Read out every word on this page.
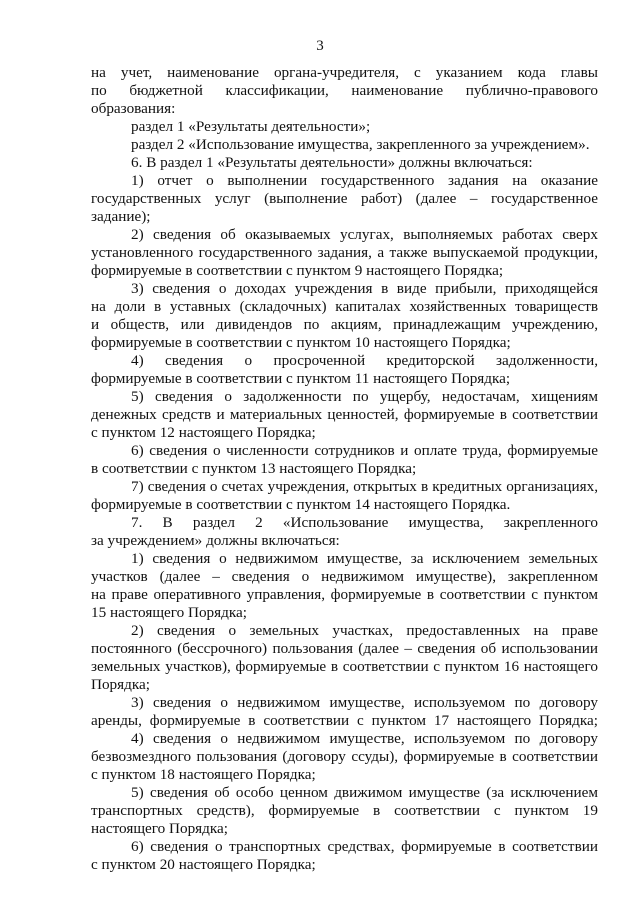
3
на учет, наименование органа-учредителя, с указанием кода главы
по бюджетной классификации, наименование публично-правового
образования:
раздел 1 «Результаты деятельности»;
раздел 2 «Использование имущества, закрепленного за учреждением».
6. В раздел 1 «Результаты деятельности» должны включаться:
1) отчет о выполнении государственного задания на оказание
государственных услуг (выполнение работ) (далее – государственное
задание);
2) сведения об оказываемых услугах, выполняемых работах сверх
установленного государственного задания, а также выпускаемой продукции,
формируемые в соответствии с пунктом 9 настоящего Порядка;
3) сведения о доходах учреждения в виде прибыли, приходящейся
на доли в уставных (складочных) капиталах хозяйственных товариществ
и обществ, или дивидендов по акциям, принадлежащим учреждению,
формируемые в соответствии с пунктом 10 настоящего Порядка;
4) сведения о просроченной кредиторской задолженности,
формируемые в соответствии с пунктом 11 настоящего Порядка;
5) сведения о задолженности по ущербу, недостачам, хищениям
денежных средств и материальных ценностей, формируемые в соответствии
с пунктом 12 настоящего Порядка;
6) сведения о численности сотрудников и оплате труда, формируемые
в соответствии с пунктом 13 настоящего Порядка;
7) сведения о счетах учреждения, открытых в кредитных организациях,
формируемые в соответствии с пунктом 14 настоящего Порядка.
7. В раздел 2 «Использование имущества, закрепленного
за учреждением» должны включаться:
1) сведения о недвижимом имуществе, за исключением земельных
участков (далее – сведения о недвижимом имуществе), закрепленном
на праве оперативного управления, формируемые в соответствии с пунктом
15 настоящего Порядка;
2) сведения о земельных участках, предоставленных на праве
постоянного (бессрочного) пользования (далее – сведения об использовании
земельных участков), формируемые в соответствии с пунктом 16 настоящего
Порядка;
3) сведения о недвижимом имуществе, используемом по договору
аренды, формируемые в соответствии с пунктом 17 настоящего Порядка;
4) сведения о недвижимом имуществе, используемом по договору
безвозмездного пользования (договору ссуды), формируемые в соответствии
с пунктом 18 настоящего Порядка;
5) сведения об особо ценном движимом имуществе (за исключением
транспортных средств), формируемые в соответствии с пунктом 19
настоящего Порядка;
6) сведения о транспортных средствах, формируемые в соответствии
с пунктом 20 настоящего Порядка;
